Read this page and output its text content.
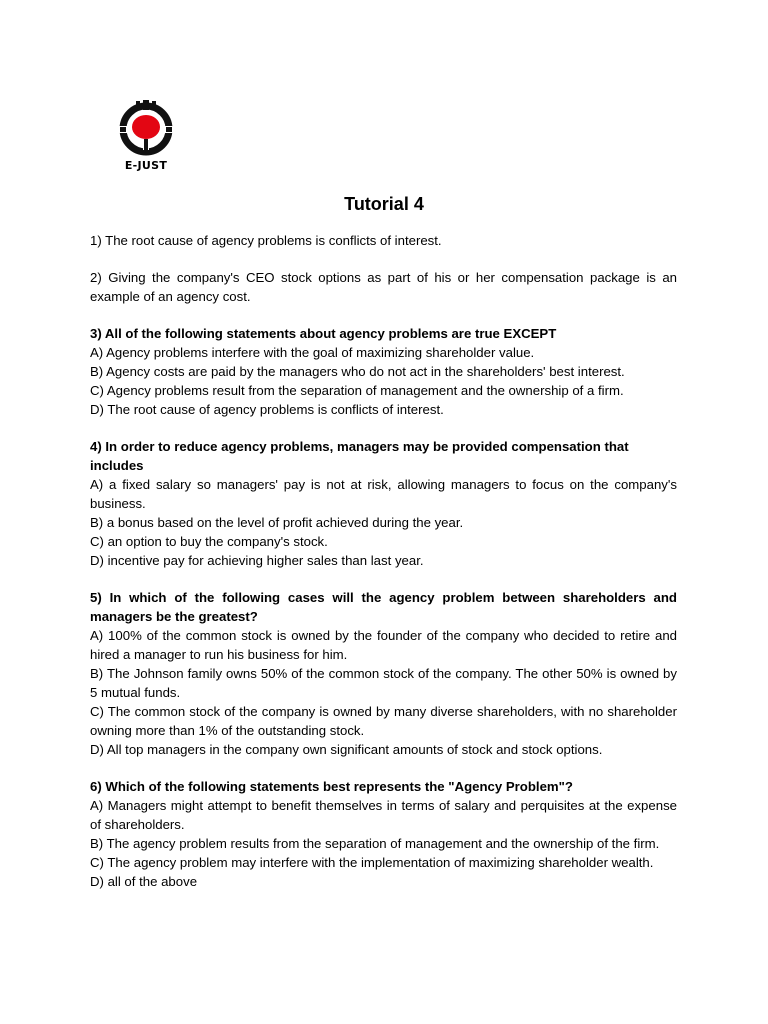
E-JUST
Tutorial 4
1) The root cause of agency problems is conflicts of interest.
2) Giving the company's CEO stock options as part of his or her compensation package is an example of an agency cost.
3) All of the following statements about agency problems are true EXCEPT
A) Agency problems interfere with the goal of maximizing shareholder value.
B) Agency costs are paid by the managers who do not act in the shareholders' best interest.
C) Agency problems result from the separation of management and the ownership of a firm.
D) The root cause of agency problems is conflicts of interest.
4) In order to reduce agency problems, managers may be provided compensation that includes
A) a fixed salary so managers' pay is not at risk, allowing managers to focus on the company's business.
B) a bonus based on the level of profit achieved during the year.
C) an option to buy the company's stock.
D) incentive pay for achieving higher sales than last year.
5) In which of the following cases will the agency problem between shareholders and managers be the greatest?
A) 100% of the common stock is owned by the founder of the company who decided to retire and hired a manager to run his business for him.
B) The Johnson family owns 50% of the common stock of the company. The other 50% is owned by 5 mutual funds.
C) The common stock of the company is owned by many diverse shareholders, with no shareholder owning more than 1% of the outstanding stock.
D) All top managers in the company own significant amounts of stock and stock options.
6) Which of the following statements best represents the "Agency Problem"?
A) Managers might attempt to benefit themselves in terms of salary and perquisites at the expense of shareholders.
B) The agency problem results from the separation of management and the ownership of the firm.
C) The agency problem may interfere with the implementation of maximizing shareholder wealth.
D) all of the above
